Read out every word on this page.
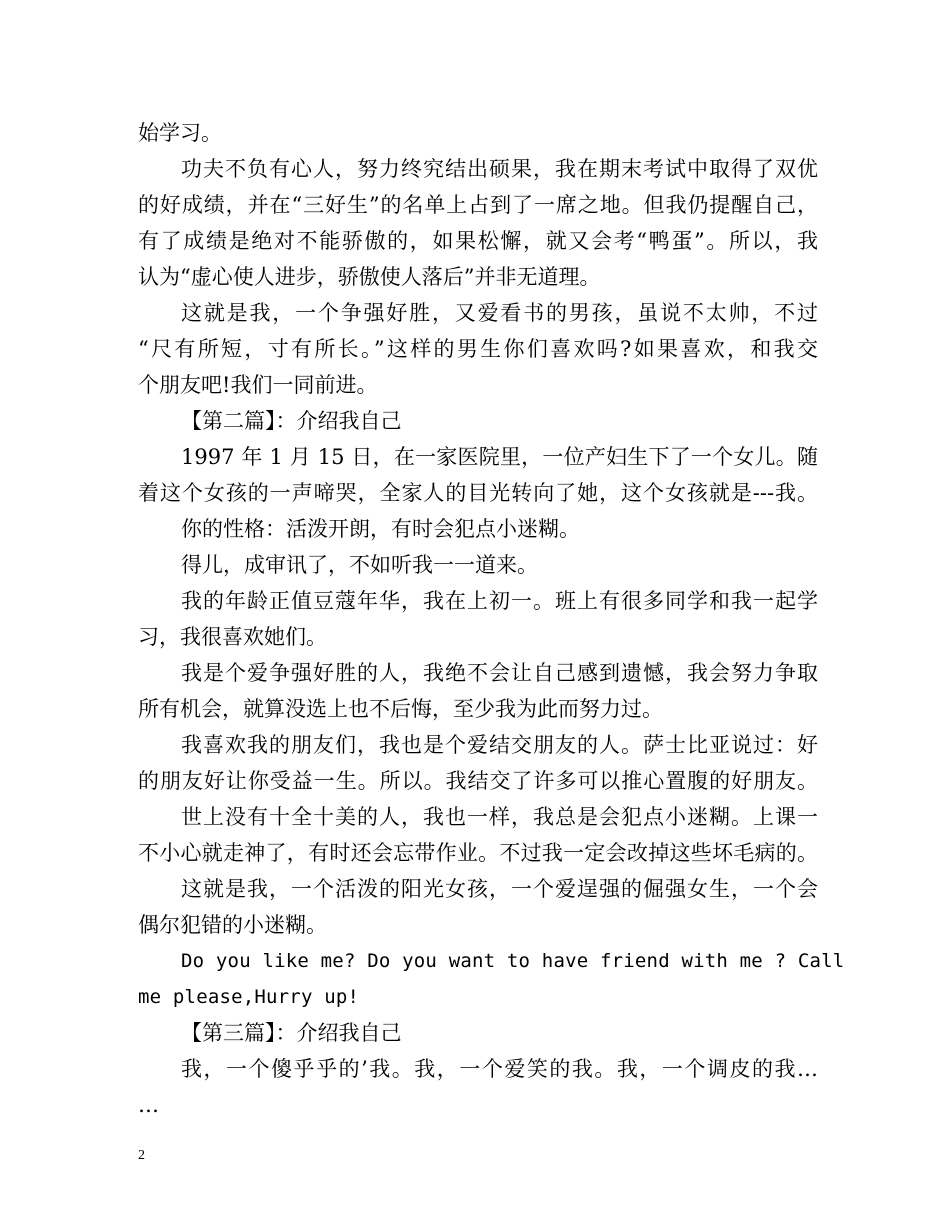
始学习。
功夫不负有心人，努力终究结出硕果，我在期末考试中取得了双优
的好成绩，并在“三好生”的名单上占到了一席之地。但我仍提醒自己，
有了成绩是绝对不能骄傲的，如果松懈，就又会考“鸭蛋”。所以，我
认为“虚心使人进步，骄傲使人落后”并非无道理。
这就是我，一个争强好胜，又爱看书的男孩，虽说不太帅，不过
“尺有所短，寸有所长。”这样的男生你们喜欢吗?如果喜欢，和我交
个朋友吧!我们一同前进。
【第二篇】：介绍我自己
1997 年 1 月 15 日，在一家医院里，一位产妇生下了一个女儿。随
着这个女孩的一声啼哭，全家人的目光转向了她，这个女孩就是---我。
你的性格：活泼开朗，有时会犯点小迷糊。
得儿，成审讯了，不如听我一一道来。
我的年龄正值豆蔻年华，我在上初一。班上有很多同学和我一起学
习，我很喜欢她们。
我是个爱争强好胜的人，我绝不会让自己感到遗憾，我会努力争取
所有机会，就算没选上也不后悔，至少我为此而努力过。
我喜欢我的朋友们，我也是个爱结交朋友的人。萨士比亚说过：好
的朋友好让你受益一生。所以。我结交了许多可以推心置腹的好朋友。
世上没有十全十美的人，我也一样，我总是会犯点小迷糊。上课一
不小心就走神了，有时还会忘带作业。不过我一定会改掉这些坏毛病的。
这就是我，一个活泼的阳光女孩，一个爱逞强的倔强女生，一个会
偶尔犯错的小迷糊。
Do you like me? Do you want to have friend with me ? Call
me please,Hurry up!
【第三篇】：介绍我自己
我，一个傻乎乎的’我。我，一个爱笑的我。我，一个调皮的我…
…
2
